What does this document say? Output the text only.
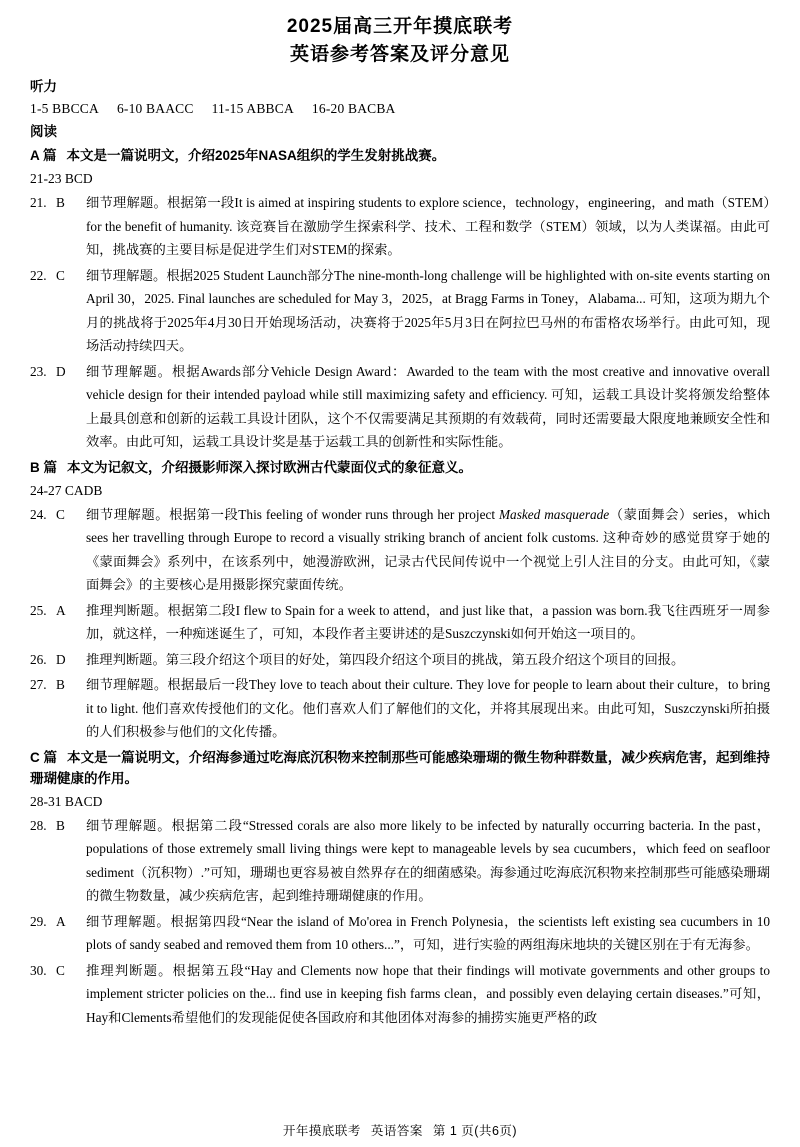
2025届高三开年摸底联考
英语参考答案及评分意见
听力
1-5 BBCCA 6-10 BAACC 11-15 ABBCA 16-20 BACBA
阅读
A 篇 本文是一篇说明文，介绍2025年NASA组织的学生发射挑战赛。
21-23 BCD
21. B	细节理解题。根据第一段It is aimed at inspiring students to explore science，technology，engineering，and math（STEM）for the benefit of humanity. 该竞赛旨在激励学生探索科学、技术、工程和数学（STEM）领域，以为人类谋福。由此可知，挑战赛的主要目标是促进学生们对STEM的探索。
22. C	细节理解题。根据2025 Student Launch部分The nine-month-long challenge will be highlighted with on-site events starting on April 30，2025. Final launches are scheduled for May 3，2025，at Bragg Farms in Toney，Alabama... 可知，这项为期九个月的挑战将于2025年4月30日开始现场活动，决赛将于2025年5月3日在阿拉巴马州的布雷格农场举行。由此可知，现场活动持续四天。
23. D	细节理解题。根据Awards部分Vehicle Design Award：Awarded to the team with the most creative and innovative overall vehicle design for their intended payload while still maximizing safety and efficiency. 可知，运载工具设计奖将颁发给整体上最具创意和创新的运载工具设计团队，这个不仅需要满足其预期的有效载荷，同时还需要最大限度地兼顾安全性和效率。由此可知，运载工具设计奖是基于运载工具的创新性和实际性能。
B 篇 本文为记叙文，介绍摄影师深入探讨欧洲古代蒙面仪式的象征意义。
24-27 CADB
24. C	细节理解题。根据第一段This feeling of wonder runs through her project Masked masquerade（蒙面舞会）series，which sees her travelling through Europe to record a visually striking branch of ancient folk customs. 这种奇妙的感觉贯穿于她的《蒙面舞会》系列中，在该系列中，她漫游欧洲，记录古代民间传说中一个视觉上引人注目的分支。由此可知，《蒙面舞会》的主要核心是用摄影探究蒙面传统。
25. A	推理判断题。根据第二段I flew to Spain for a week to attend，and just like that，a passion was born.我飞往西班牙一周参加，就这样，一种痴迷诞生了，可知，本段作者主要讲述的是Suszczynski如何开始这一项目的。
26. D	推理判断题。第三段介绍这个项目的好处，第四段介绍这个项目的挑战，第五段介绍这个项目的回报。
27. B	细节理解题。根据最后一段They love to teach about their culture. They love for people to learn about their culture，to bring it to light. 他们喜欢传授他们的文化。他们喜欢人们了解他们的文化，并将其展现出来。由此可知，Suszczynski所拍摄的人们积极参与他们的文化传播。
C 篇 本文是一篇说明文，介绍海参通过吃海底沉积物来控制那些可能感染珊瑚的微生物种群数量，减少疾病危害，起到维持珊瑚健康的作用。
28-31 BACD
28. B	细节理解题。根据第二段“Stressed corals are also more likely to be infected by naturally occurring bacteria. In the past，populations of those extremely small living things were kept to manageable levels by sea cucumbers，which feed on seafloor sediment（沉积物）.”可知，珊瑚也更容易被自然界存在的细菌感染。海参通过吃海底沉积物来控制那些可能感染珊瑚的微生物数量，减少疾病危害，起到维持珊瑚健康的作用。
29. A	细节理解题。根据第四段“Near the island of Mo'orea in French Polynesia，the scientists left existing sea cucumbers in 10 plots of sandy seabed and removed them from 10 others...”，可知，进行实验的两组海床地块的关键区别在于有无海参。
30. C	推理判断题。根据第五段“Hay and Clements now hope that their findings will motivate governments and other groups to implement stricter policies on the... find use in keeping fish farms clean，and possibly even delaying certain diseases.”可知，Hay和Clements希望他们的发现能促使各国政府和其他团体对海参的捕捞实施更严格的政
开年摸底联考 英语答案 第 1 页(共6页)
